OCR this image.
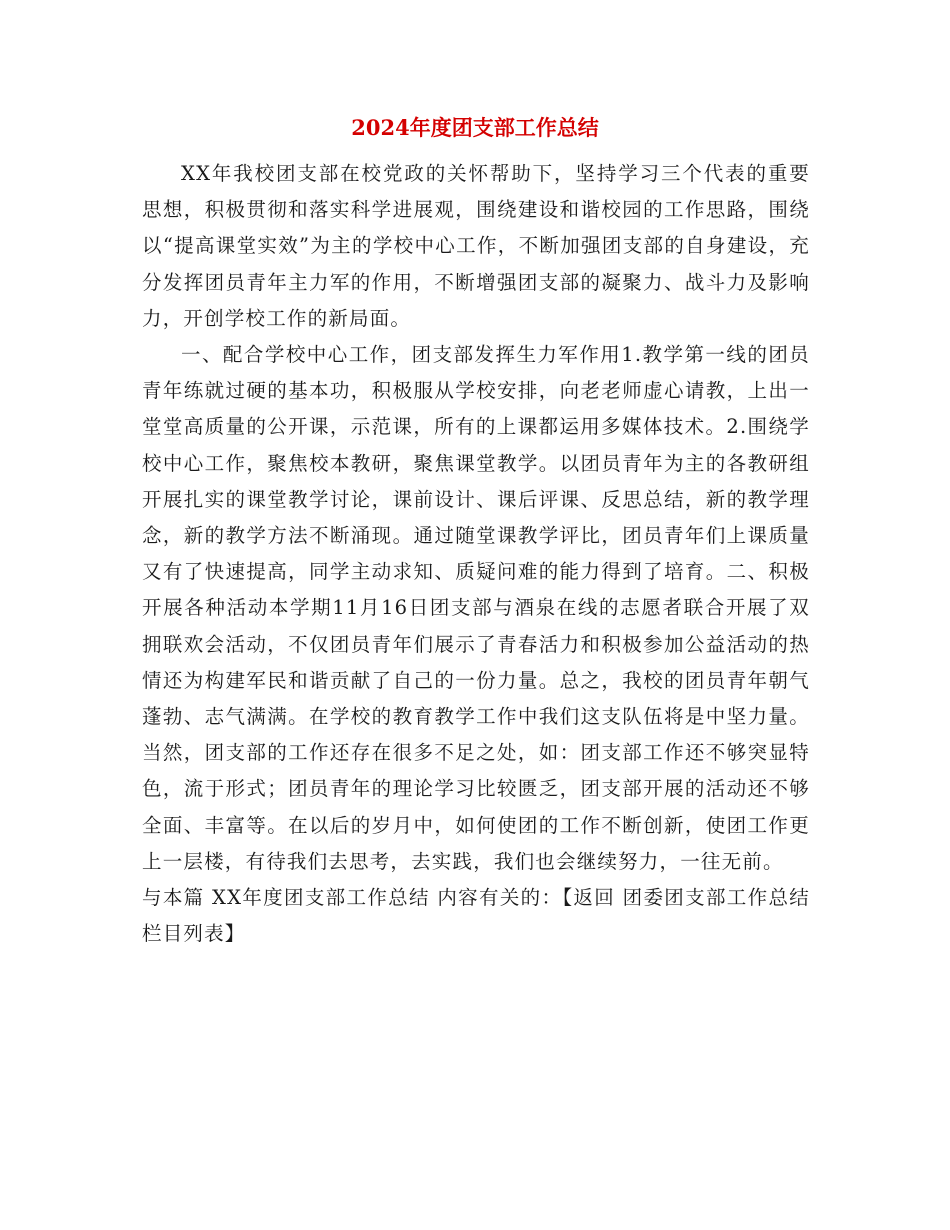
2024年度团支部工作总结

XX年我校团支部在校党政的关怀帮助下，坚持学习三个代表的重要思想，积极贯彻和落实科学进展观，围绕建设和谐校园的工作思路，围绕以“提高课堂实效”为主的学校中心工作，不断加强团支部的自身建设，充分发挥团员青年主力军的作用，不断增强团支部的凝聚力、战斗力及影响力，开创学校工作的新局面。

一、配合学校中心工作，团支部发挥生力军作用1.教学第一线的团员青年练就过硬的基本功，积极服从学校安排，向老老师虚心请教，上出一堂堂高质量的公开课，示范课，所有的上课都运用多媒体技术。2.围绕学校中心工作，聚焦校本教研，聚焦课堂教学。以团员青年为主的各教研组开展扎实的课堂教学讨论，课前设计、课后评课、反思总结，新的教学理念，新的教学方法不断涌现。通过随堂课教学评比，团员青年们上课质量又有了快速提高，同学主动求知、质疑问难的能力得到了培育。二、积极开展各种活动本学期11月16日团支部与酒泉在线的志愿者联合开展了双拥联欢会活动，不仅团员青年们展示了青春活力和积极参加公益活动的热情还为构建军民和谐贡献了自己的一份力量。总之，我校的团员青年朝气蓬勃、志气满满。在学校的教育教学工作中我们这支队伍将是中坚力量。当然，团支部的工作还存在很多不足之处，如：团支部工作还不够突显特色，流于形式；团员青年的理论学习比较匮乏，团支部开展的活动还不够全面、丰富等。在以后的岁月中，如何使团的工作不断创新，使团工作更上一层楼，有待我们去思考，去实践，我们也会继续努力，一往无前。

与本篇 XX年度团支部工作总结 内容有关的：【返回 团委团支部工作总结 栏目列表】
